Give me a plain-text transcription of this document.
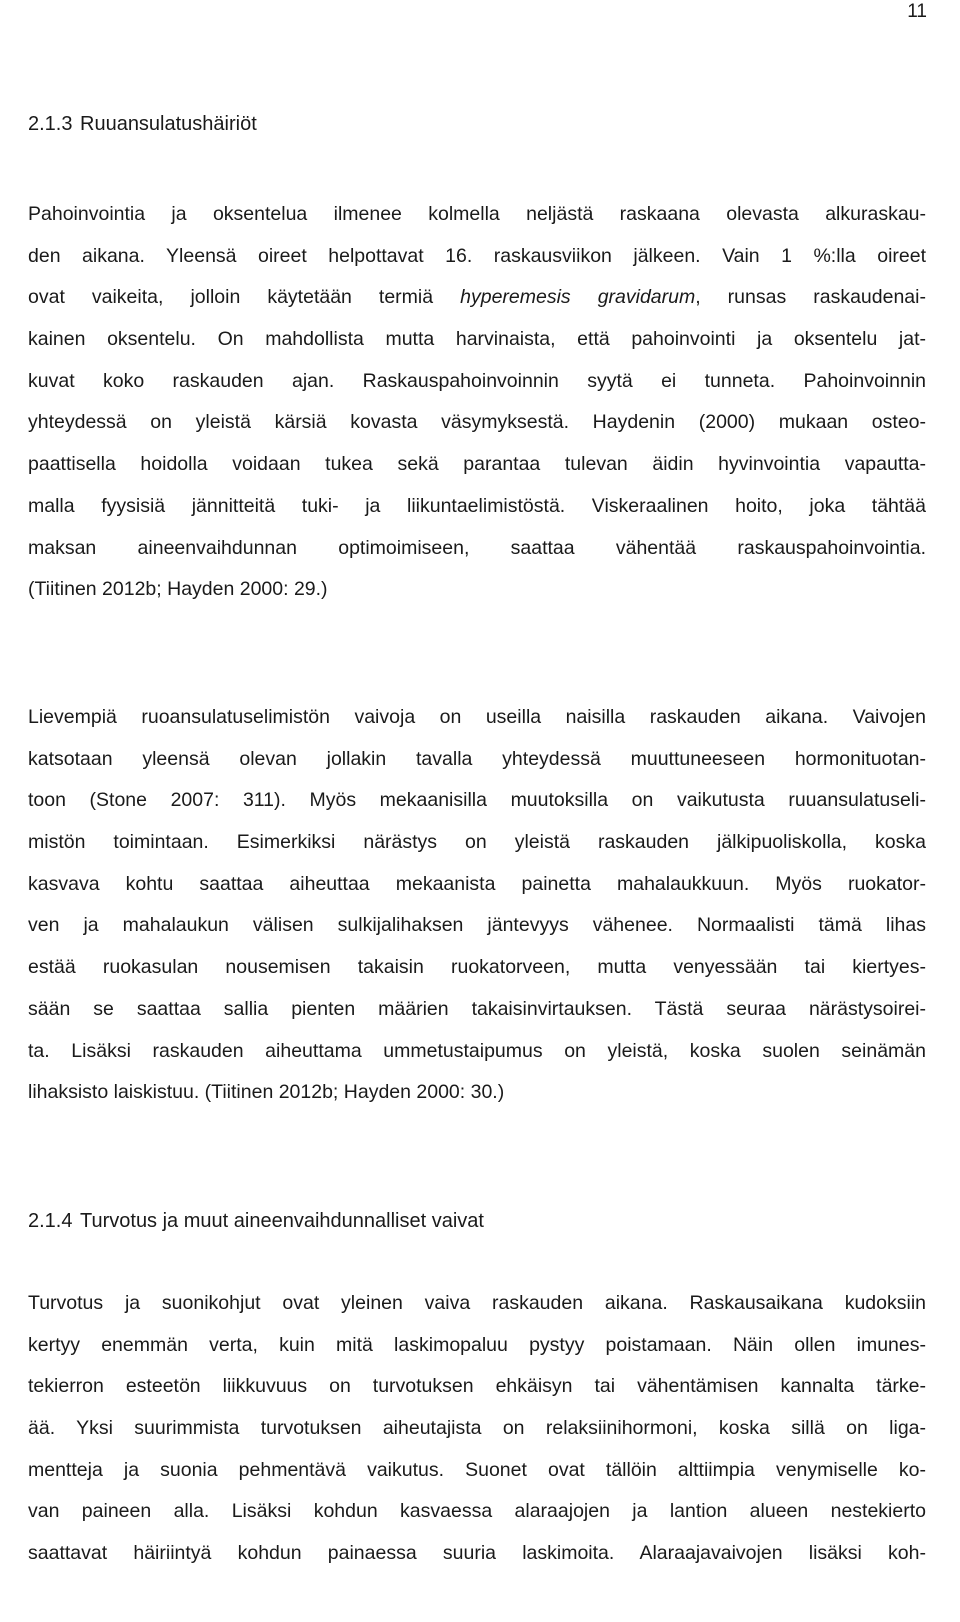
11
2.1.3 Ruuansulatushäiriöt
Pahoinvointia ja oksentelua ilmenee kolmella neljästä raskaana olevasta alkuraskau-
den aikana. Yleensä oireet helpottavat 16. raskausviikon jälkeen. Vain 1 %:lla oireet
ovat vaikeita, jolloin käytetään termiä hyperemesis gravidarum, runsas raskaudenai-
kainen oksentelu. On mahdollista mutta harvinaista, että pahoinvointi ja oksentelu jat-
kuvat koko raskauden ajan. Raskauspahoinvoinnin syytä ei tunneta. Pahoinvoinnin
yhteydessä on yleistä kärsiä kovasta väsymyksestä. Haydenin (2000) mukaan osteo-
paattisella hoidolla voidaan tukea sekä parantaa tulevan äidin hyvinvointia vapautta-
malla fyysisiä jännitteitä tuki- ja liikuntaelimistöstä. Viskeraalinen hoito, joka tähtää
maksan aineenvaihdunnan optimoimiseen, saattaa vähentää raskauspahoinvointia.
(Tiitinen 2012b; Hayden 2000: 29.)
Lievempiä ruoansulatuselimistön vaivoja on useilla naisilla raskauden aikana. Vaivojen
katsotaan yleensä olevan jollakin tavalla yhteydessä muuttuneeseen hormonituotan-
toon (Stone 2007: 311). Myös mekaanisilla muutoksilla on vaikutusta ruuansulatuseli-
mistön toimintaan. Esimerkiksi närästys on yleistä raskauden jälkipuoliskolla, koska
kasvava kohtu saattaa aiheuttaa mekaanista painetta mahalaukkuun. Myös ruokator-
ven ja mahalaukun välisen sulkijalihaksen jäntevyys vähenee. Normaalisti tämä lihas
estää ruokasulan nousemisen takaisin ruokatorveen, mutta venyessään tai kiertyes-
sään se saattaa sallia pienten määrien takaisinvirtauksen. Tästä seuraa närästysoirei-
ta. Lisäksi raskauden aiheuttama ummetustaipumus on yleistä, koska suolen seinämän
lihaksisto laiskistuu. (Tiitinen 2012b; Hayden 2000: 30.)
2.1.4 Turvotus ja muut aineenvaihdunnalliset vaivat
Turvotus ja suonikohjut ovat yleinen vaiva raskauden aikana. Raskausaikana kudoksiin
kertyy enemmän verta, kuin mitä laskimopaluu pystyy poistamaan. Näin ollen imunes-
tekierron esteetön liikkuvuus on turvotuksen ehkäisyn tai vähentämisen kannalta tärke-
ää. Yksi suurimmista turvotuksen aiheutajista on relaksiinihormoni, koska sillä on liga-
mentteja ja suonia pehmentävä vaikutus. Suonet ovat tällöin alttiimpia venymiselle ko-
van paineen alla. Lisäksi kohdun kasvaessa alaraajojen ja lantion alueen nestekierto
saattavat häiriintyä kohdun painaessa suuria laskimoita. Alaraajavaivojen lisäksi koh-
